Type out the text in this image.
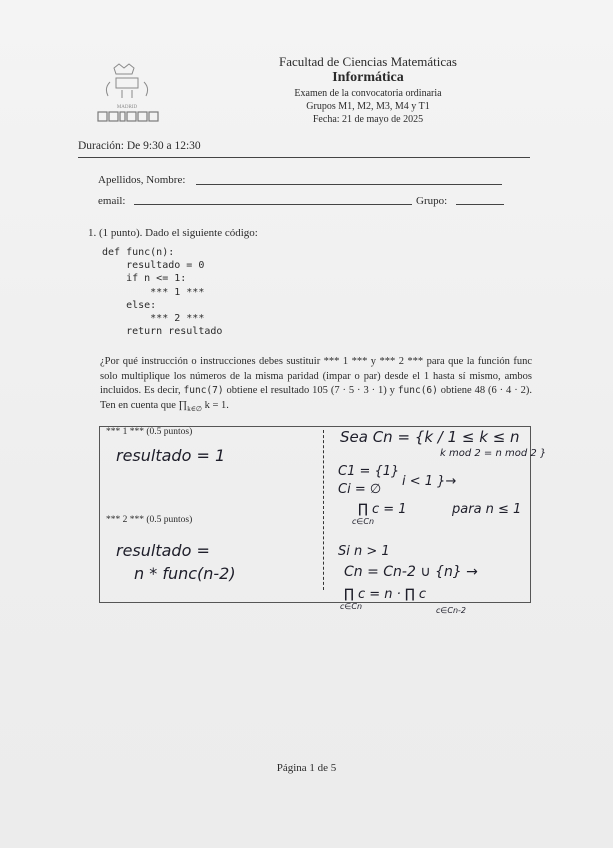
MADRID
Facultad de Ciencias Matemáticas
Informática
Examen de la convocatoria ordinaria
Grupos M1, M2, M3, M4 y T1
Fecha: 21 de mayo de 2025
Duración: De 9:30 a 12:30
Apellidos, Nombre:
email:	Grupo:
1. (1 punto). Dado el siguiente código:
def func(n):
resultado = 0
if n <= 1:
*** 1 ***
else:
*** 2 ***
return resultado
¿Por qué instrucción o instrucciones debes sustituir *** 1 *** y *** 2 *** para que la función func solo multiplique los números de la misma paridad (impar o par) desde el 1 hasta sí mismo, ambos incluidos. Es decir, func(7) obtiene el resultado 105 (7 · 5 · 3 · 1) y func(6) obtiene 48 (6 · 4 · 2). Ten en cuenta que $\prod_{k\in\emptyset}$ k = 1.
*** 1 *** (0.5 puntos)
resultado = 1
*** 2 *** (0.5 puntos)
resultado =
n * func(n-2)
Sea Cn = {k / 1 ≤ k ≤ n
k mod 2 = n mod 2 }
C1 = {1}
Ci = ∅
i < 1 }→
∏ c = 1
c∈Cn
para n ≤ 1
Si n > 1
Cn = Cn-2 ∪ {n} →
∏ c = n · ∏ c
c∈Cn	c∈Cn-2
Página 1 de 5
